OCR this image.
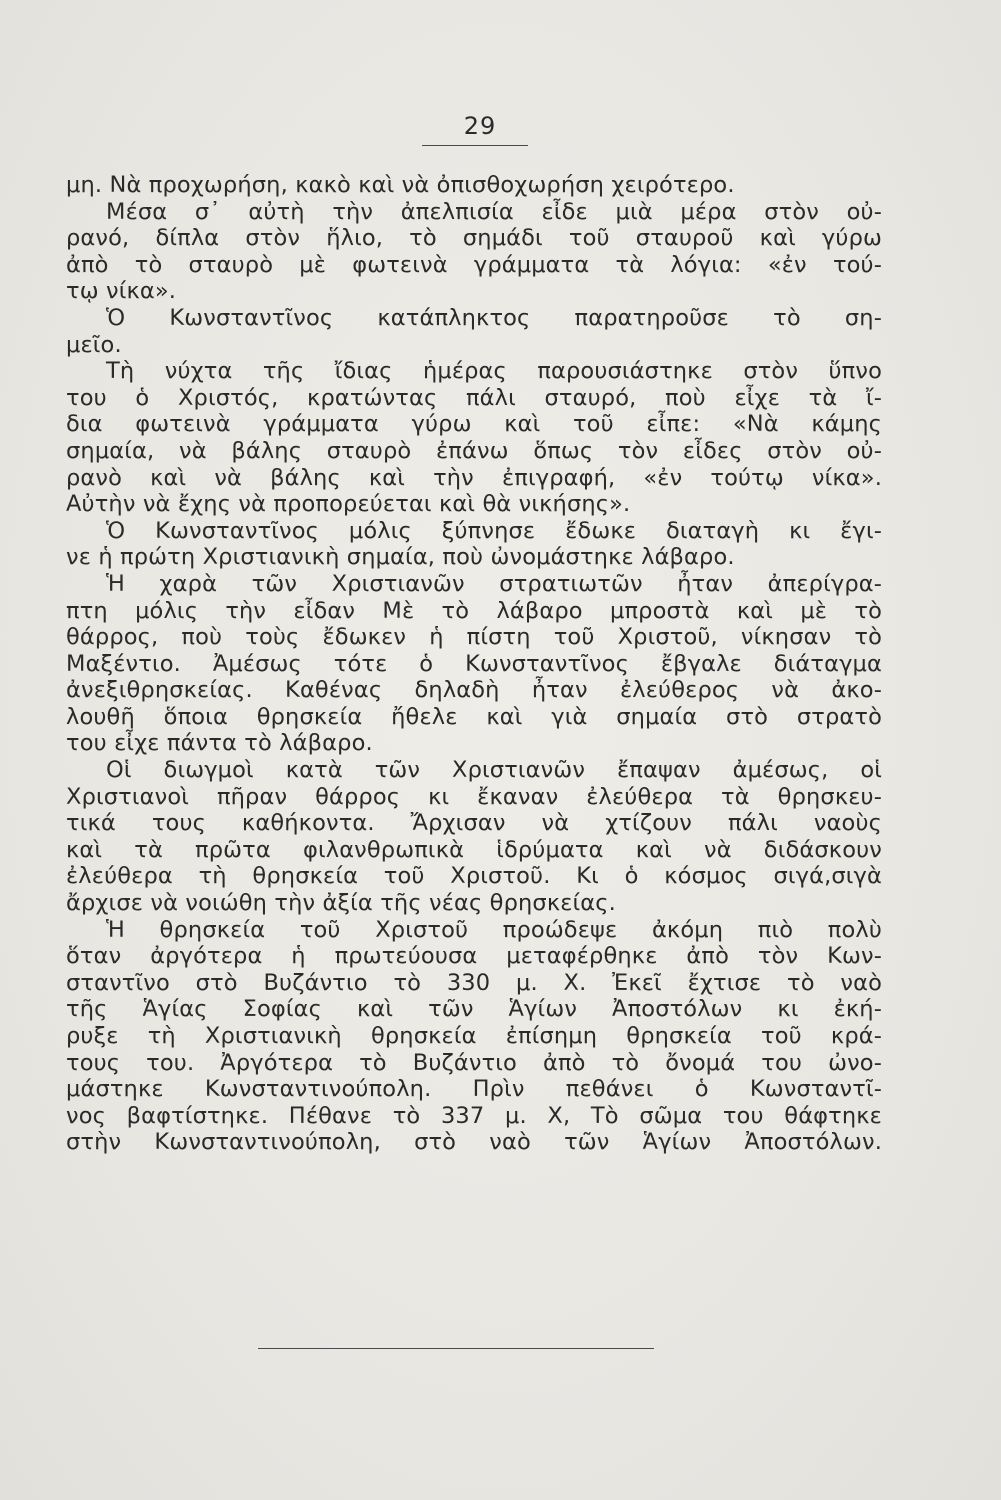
29
μη. Νὰ προχωρήση, κακὸ καὶ νὰ ὀπισθοχωρήση χειρότερο.
Μέσα σ᾽ αὐτὴ τὴν ἀπελπισία εἶδε μιὰ μέρα στὸν οὐ-
ρανό, δίπλα στὸν ἥλιο, τὸ σημάδι τοῦ σταυροῦ καὶ γύρω
ἀπὸ τὸ σταυρὸ μὲ φωτεινὰ γράμματα τὰ λόγια: «ἐν τού-
τῳ νίκα».
Ὁ Κωνσταντῖνος κατάπληκτος παρατηροῦσε τὸ ση-
μεῖο.
Τὴ νύχτα τῆς ἴδιας ἡμέρας παρουσιάστηκε στὸν ὕπνο
του ὁ Χριστός, κρατώντας πάλι σταυρό, ποὺ εἶχε τὰ ἴ-
δια φωτεινὰ γράμματα γύρω καὶ τοῦ εἶπε: «Νὰ κάμης
σημαία, νὰ βάλης σταυρὸ ἐπάνω ὅπως τὸν εἶδες στὸν οὐ-
ρανὸ καὶ νὰ βάλης καὶ τὴν ἐπιγραφή, «ἐν τούτῳ νίκα».
Αὐτὴν νὰ ἔχης νὰ προπορεύεται καὶ θὰ νικήσης».
Ὁ Κωνσταντῖνος μόλις ξύπνησε ἔδωκε διαταγὴ κι ἔγι-
νε ἡ πρώτη Χριστιανικὴ σημαία, ποὺ ὠνομάστηκε λάβαρο.
Ἡ χαρὰ τῶν Χριστιανῶν στρατιωτῶν ἦταν ἀπερίγρα-
πτη μόλις τὴν εἶδαν Μὲ τὸ λάβαρο μπροστὰ καὶ μὲ τὸ
θάρρος, ποὺ τοὺς ἔδωκεν ἡ πίστη τοῦ Χριστοῦ, νίκησαν τὸ
Μαξέντιο. Ἀμέσως τότε ὁ Κωνσταντῖνος ἔβγαλε διάταγμα
ἀνεξιθρησκείας. Καθένας δηλαδὴ ἦταν ἐλεύθερος νὰ ἀκο-
λουθῆ ὅποια θρησκεία ἤθελε καὶ γιὰ σημαία στὸ στρατὸ
του εἶχε πάντα τὸ λάβαρο.
Οἱ διωγμοὶ κατὰ τῶν Χριστιανῶν ἔπαψαν ἀμέσως, οἱ
Χριστιανοὶ πῆραν θάρρος κι ἔκαναν ἐλεύθερα τὰ θρησκευ-
τικά τους καθήκοντα. Ἄρχισαν νὰ χτίζουν πάλι ναοὺς
καὶ τὰ πρῶτα φιλανθρωπικὰ ἱδρύματα καὶ νὰ διδάσκουν
ἐλεύθερα τὴ θρησκεία τοῦ Χριστοῦ. Κι ὁ κόσμος σιγά,σιγὰ
ἄρχισε νὰ νοιώθη τὴν ἀξία τῆς νέας θρησκείας.
Ἡ θρησκεία τοῦ Χριστοῦ προώδεψε ἀκόμη πιὸ πολὺ
ὅταν ἀργότερα ἡ πρωτεύουσα μεταφέρθηκε ἀπὸ τὸν Κων-
σταντῖνο στὸ Βυζάντιο τὸ 330 μ. Χ. Ἐκεῖ ἔχτισε τὸ ναὸ
τῆς Ἁγίας Σοφίας καὶ τῶν Ἁγίων Ἀποστόλων κι ἐκή-
ρυξε τὴ Χριστιανικὴ θρησκεία ἐπίσημη θρησκεία τοῦ κρά-
τους του. Ἀργότερα τὸ Βυζάντιο ἀπὸ τὸ ὄνομά του ὠνο-
μάστηκε Κωνσταντινούπολη. Πρὶν πεθάνει ὁ Κωνσταντῖ-
νος βαφτίστηκε. Πέθανε τὸ 337 μ. Χ, Τὸ σῶμα του θάφτηκε
στὴν Κωνσταντινούπολη, στὸ ναὸ τῶν Ἁγίων Ἀποστόλων.
